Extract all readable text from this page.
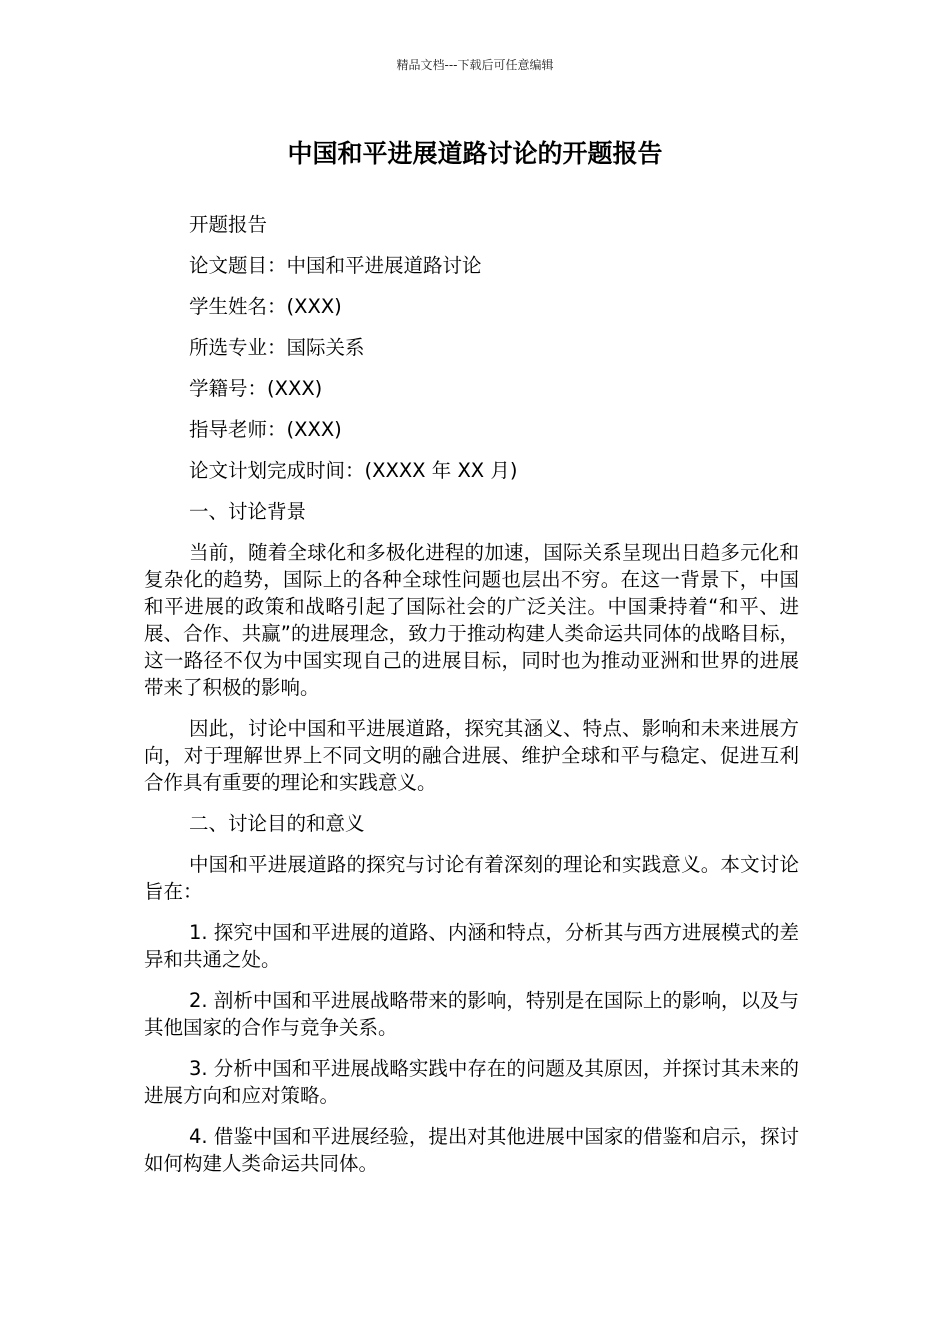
精品文档---下载后可任意编辑
中国和平进展道路讨论的开题报告

开题报告

论文题目：中国和平进展道路讨论

学生姓名：(XXX)

所选专业：国际关系

学籍号：(XXX)

指导老师：(XXX)

论文计划完成时间：(XXXX 年 XX 月)

一、讨论背景

当前，随着全球化和多极化进程的加速，国际关系呈现出日趋多元化和复杂化的趋势，国际上的各种全球性问题也层出不穷。在这一背景下，中国和平进展的政策和战略引起了国际社会的广泛关注。中国秉持着“和平、进展、合作、共赢”的进展理念，致力于推动构建人类命运共同体的战略目标，这一路径不仅为中国实现自己的进展目标，同时也为推动亚洲和世界的进展带来了积极的影响。

因此，讨论中国和平进展道路，探究其涵义、特点、影响和未来进展方向，对于理解世界上不同文明的融合进展、维护全球和平与稳定、促进互利合作具有重要的理论和实践意义。

二、讨论目的和意义

中国和平进展道路的探究与讨论有着深刻的理论和实践意义。本文讨论旨在：

1. 探究中国和平进展的道路、内涵和特点，分析其与西方进展模式的差异和共通之处。

2. 剖析中国和平进展战略带来的影响，特别是在国际上的影响，以及与其他国家的合作与竞争关系。

3. 分析中国和平进展战略实践中存在的问题及其原因，并探讨其未来的进展方向和应对策略。

4. 借鉴中国和平进展经验，提出对其他进展中国家的借鉴和启示，探讨如何构建人类命运共同体。
